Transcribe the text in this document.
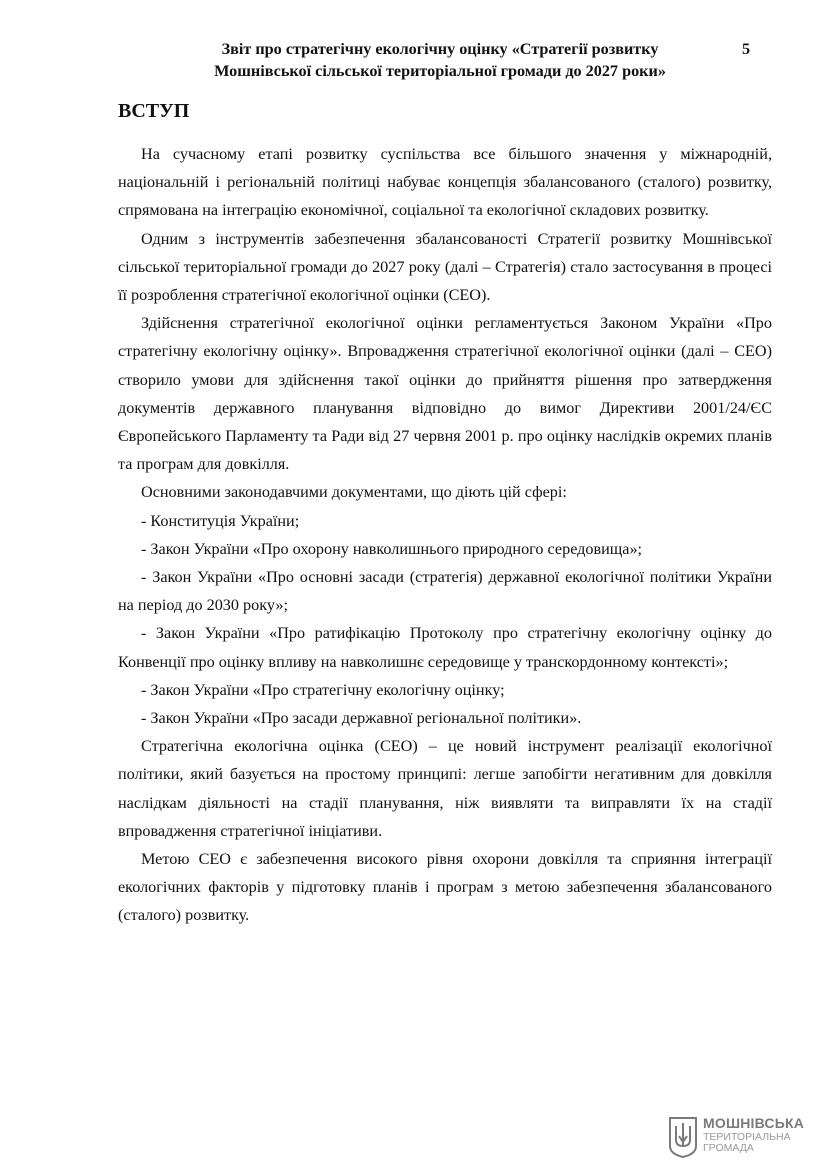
Звіт про стратегічну екологічну оцінку «Стратегії розвитку
Мошнівської сільської територіальної громади до 2027 роки»
5
ВСТУП

На сучасному етапі розвитку суспільства все більшого значення у міжнародній, національній і регіональній політиці набуває концепція збалансованого (сталого) розвитку, спрямована на інтеграцію економічної, соціальної та екологічної складових розвитку.

Одним з інструментів забезпечення збалансованості Стратегії розвитку Мошнівської сільської територіальної громади до 2027 року (далі – Стратегія) стало застосування в процесі її розроблення стратегічної екологічної оцінки (СЕО).

Здійснення стратегічної екологічної оцінки регламентується Законом України «Про стратегічну екологічну оцінку». Впровадження стратегічної екологічної оцінки (далі – СЕО) створило умови для здійснення такої оцінки до прийняття рішення про затвердження документів державного планування відповідно до вимог Директиви 2001/24/ЄС Європейського Парламенту та Ради від 27 червня 2001 р. про оцінку наслідків окремих планів та програм для довкілля.

Основними законодавчими документами, що діють цій сфері:

- Конституція України;

- Закон України «Про охорону навколишнього природного середовища»;

- Закон України «Про основні засади (стратегія) державної екологічної політики України на період до 2030 року»;

- Закон України «Про ратифікацію Протоколу про стратегічну екологічну оцінку до Конвенції про оцінку впливу на навколишнє середовище у транскордонному контексті»;

- Закон України «Про стратегічну екологічну оцінку;

- Закон України «Про засади державної регіональної політики».

Стратегічна екологічна оцінка (СЕО) – це новий інструмент реалізації екологічної політики, який базується на простому принципі: легше запобігти негативним для довкілля наслідкам діяльності на стадії планування, ніж виявляти та виправляти їх на стадії впровадження стратегічної ініціативи.

Метою СЕО є забезпечення високого рівня охорони довкілля та сприяння інтеграції екологічних факторів у підготовку планів і програм з метою забезпечення збалансованого (сталого) розвитку.

МОШНІВСЬКА
ТЕРИТОРІАЛЬНА
ГРОМАДА
